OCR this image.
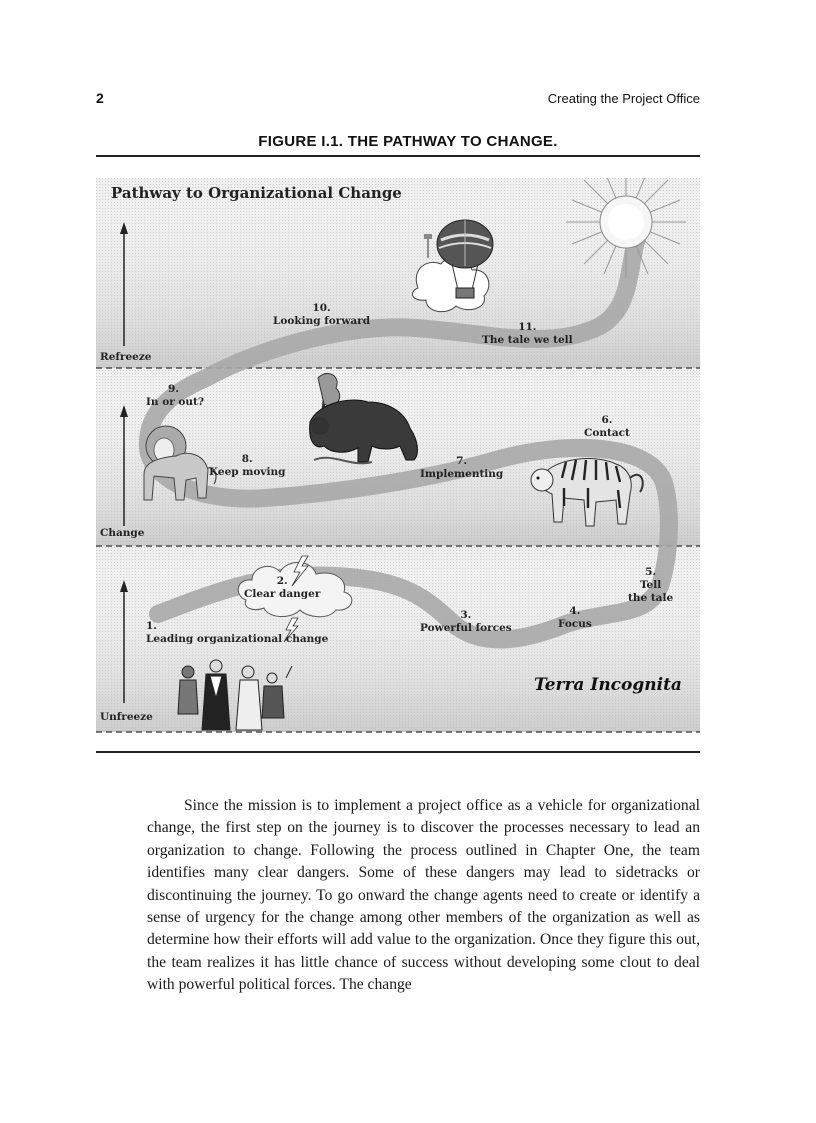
2	Creating the Project Office
FIGURE I.1. THE PATHWAY TO CHANGE.
Pathway to Organizational Change
Refreeze
Change
Unfreeze
1.
Leading organizational change
2.
Clear danger
3.
Powerful forces
4.
Focus
5.
Tell
the tale
6.
Contact
7.
Implementing
8.
Keep moving
9.
In or out?
10.
Looking forward	11.
The tale we tell
Terra Incognita

Since the mission is to implement a project office as a vehicle for organizational change, the first step on the journey is to discover the processes necessary to lead an organization to change. Following the process outlined in Chapter One, the team identifies many clear dangers. Some of these dangers may lead to sidetracks or discontinuing the journey. To go onward the change agents need to create or identify a sense of urgency for the change among other members of the organization as well as determine how their efforts will add value to the organization. Once they figure this out, the team realizes it has little chance of success without developing some clout to deal with powerful political forces. The change
